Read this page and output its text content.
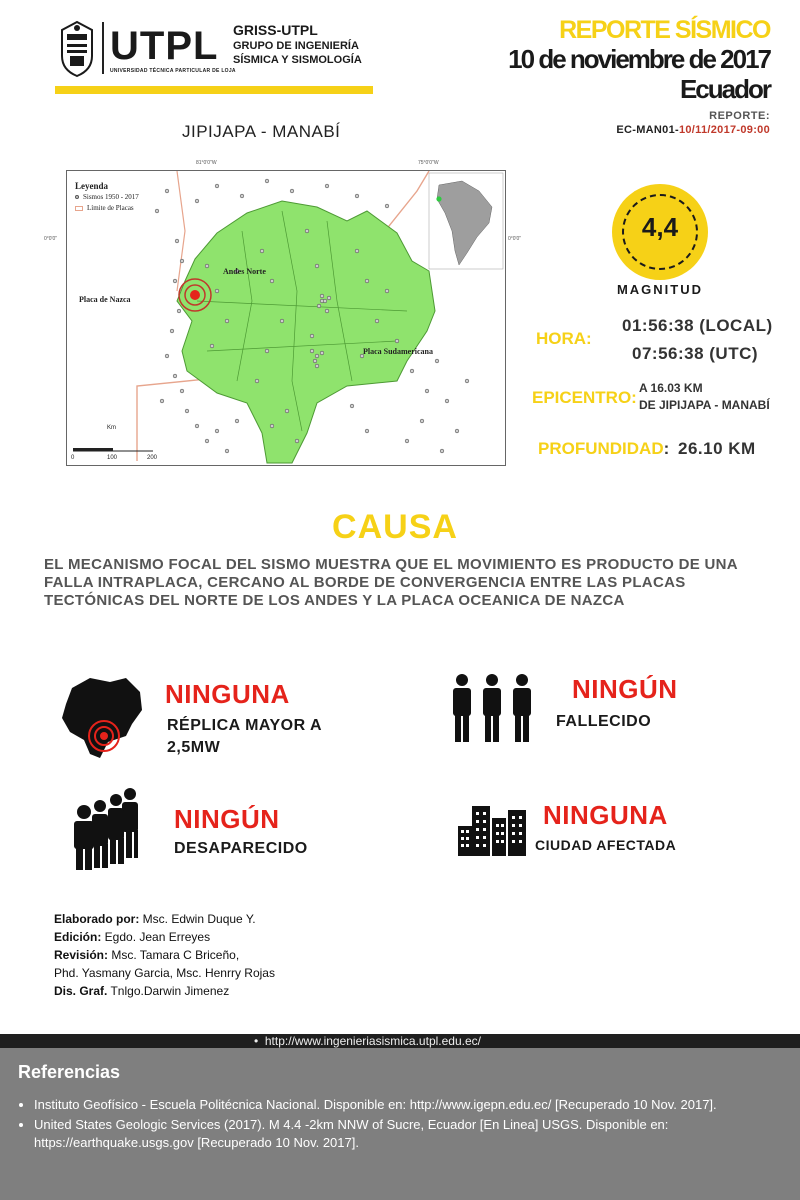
UTPL
UNIVERSIDAD TÉCNICA PARTICULAR DE LOJA
GRISS-UTPL
GRUPO DE INGENIERÍA SÍSMICA Y SISMOLOGÍA
REPORTE SÍSMICO
10 de noviembre de 2017
Ecuador
REPORTE:
EC-MAN01-10/11/2017-09:00
JIPIJAPA - MANABÍ
Leyenda
Sismos 1950 - 2017
Límite de Placas
Placa de Nazca
Andes Norte
Placa Sudamericana
Km
0	100	200
81°0'0"W	75°0'0"W
0°0'0"	0°0'0"	4,4
MAGNITUD
HORA:
01:56:38 (LOCAL)
07:56:38 (UTC)
EPICENTRO: A 16.03 KM
DE JIPIJAPA - MANABÍ
PROFUNDIDAD: 26.10 KM
CAUSA
EL MECANISMO FOCAL DEL SISMO MUESTRA QUE EL MOVIMIENTO ES PRODUCTO DE UNA FALLA INTRAPLACA, CERCANO AL BORDE DE CONVERGENCIA ENTRE LAS PLACAS TECTÓNICAS DEL NORTE DE LOS ANDES Y LA PLACA OCEANICA DE NAZCA
NINGUNA
RÉPLICA MAYOR A 2,5MW
NINGÚN
FALLECIDO
NINGÚN
DESAPARECIDO
NINGUNA
CIUDAD AFECTADA
Elaborado por: Msc. Edwin Duque Y.
Edición: Egdo. Jean Erreyes
Revisión: Msc. Tamara C Briceño,
Phd. Yasmany Garcia, Msc. Henrry Rojas
Dis. Graf. Tnlgo.Darwin Jimenez
•  http://www.ingenieriasismica.utpl.edu.ec/
Referencias
• Instituto Geofísico - Escuela Politécnica Nacional. Disponible en: http://www.igepn.edu.ec/ [Recuperado 10 Nov. 2017].
• United States Geologic Services (2017). M 4.4 -2km NNW of Sucre, Ecuador [En Linea] USGS. Disponible en: https://earthquake.usgs.gov [Recuperado 10 Nov. 2017].
